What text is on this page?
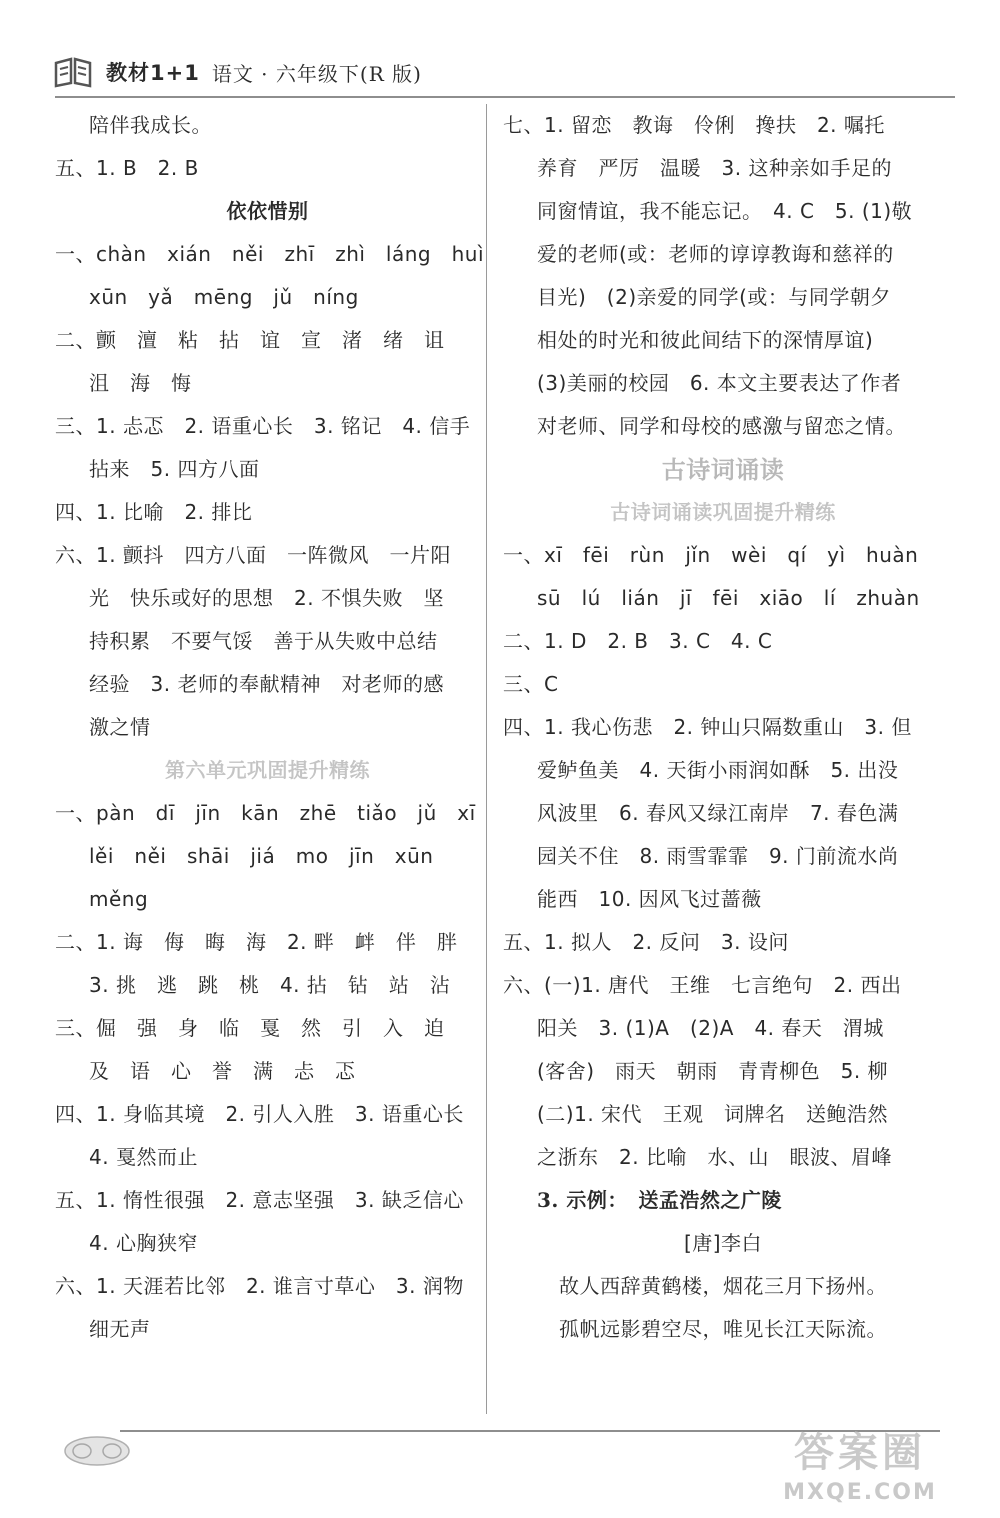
教材1+1 语文 · 六年级下(R 版)
陪伴我成长。
五、1. B　2. B
依依惜别
一、chàn　xián　něi　zhī　zhì　láng　huì
xūn　yǎ　mēng　jǔ　níng
二、颤　澶　粘　拈　谊　宣　渚　绪　诅
沮　海　悔
三、1. 忐忑　2. 语重心长　3. 铭记　4. 信手
拈来　5. 四方八面
四、1. 比喻　2. 排比
六、1. 颤抖　四方八面　一阵微风　一片阳
光　快乐或好的思想　2. 不惧失败　坚
持积累　不要气馁　善于从失败中总结
经验　3. 老师的奉献精神　对老师的感
激之情
第六单元巩固提升精练
一、pàn　dī　jīn　kān　zhē　tiǎo　jǔ　xī
lěi　něi　shāi　jiá　mo　jīn　xūn
měng
二、1. 诲　侮　晦　海　2. 畔　衅　伴　胖
3. 挑　逃　跳　桃　4. 拈　钻　站　沾
三、倔　强　身　临　戛　然　引　入　迫
及　语　心　誉　满　忐　忑
四、1. 身临其境　2. 引人入胜　3. 语重心长
4. 戛然而止
五、1. 惰性很强　2. 意志坚强　3. 缺乏信心
4. 心胸狭窄
六、1. 天涯若比邻　2. 谁言寸草心　3. 润物
细无声
七、1. 留恋　教诲　伶俐　搀扶　2. 嘱托
养育　严厉　温暖　3. 这种亲如手足的
同窗情谊，我不能忘记。　4. C　5. (1)敬
爱的老师(或：老师的谆谆教诲和慈祥的
目光)　(2)亲爱的同学(或：与同学朝夕
相处的时光和彼此间结下的深情厚谊)
(3)美丽的校园　6. 本文主要表达了作者
对老师、同学和母校的感激与留恋之情。
古诗词诵读
古诗词诵读巩固提升精练
一、xī　fēi　rùn　jǐn　wèi　qí　yì　huàn
sū　lú　lián　jī　fēi　xiāo　lí　zhuàn
二、1. D　2. B　3. C　4. C
三、C
四、1. 我心伤悲　2. 钟山只隔数重山　3. 但
爱鲈鱼美　4. 天街小雨润如酥　5. 出没
风波里　6. 春风又绿江南岸　7. 春色满
园关不住　8. 雨雪霏霏　9. 门前流水尚
能西　10. 因风飞过蔷薇
五、1. 拟人　2. 反问　3. 设问
六、(一)1. 唐代　王维　七言绝句　2. 西出
阳关　3. (1)A　(2)A　4. 春天　渭城
(客舍)　雨天　朝雨　青青柳色　5. 柳
(二)1. 宋代　王观　词牌名　送鲍浩然
之浙东　2. 比喻　水、山　眼波、眉峰
3. 示例：　送孟浩然之广陵
[唐]李白
故人西辞黄鹤楼，烟花三月下扬州。
孤帆远影碧空尽，唯见长江天际流。
答案圈
MXQE.COM
